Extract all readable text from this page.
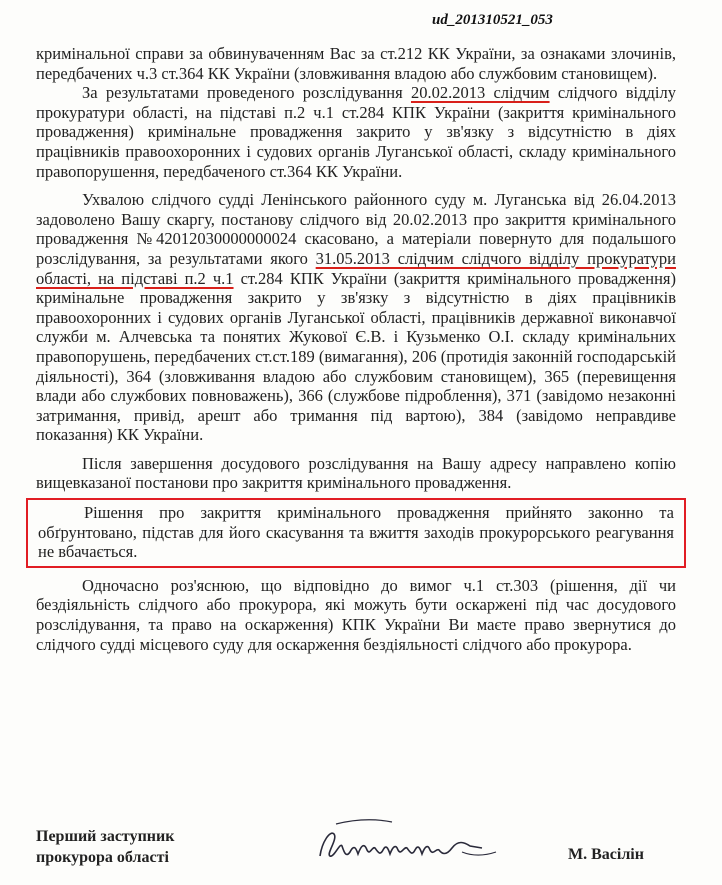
ud_201310521_053

кримінальної справи за обвинуваченням Вас за ст.212 КК України, за ознаками злочинів, передбачених ч.3 ст.364 КК України (зловживання владою або службовим становищем).

За результатами проведеного розслідування 20.02.2013 слідчим слідчого відділу прокуратури області, на підставі п.2 ч.1 ст.284 КПК України (закриття кримінального провадження) кримінальне провадження закрито у зв'язку з відсутністю в діях працівників правоохоронних і судових органів Луганської області, складу кримінального правопорушення, передбаченого ст.364 КК України.

Ухвалою слідчого судді Ленінського районного суду м. Луганська від 26.04.2013 задоволено Вашу скаргу, постанову слідчого від 20.02.2013 про закриття кримінального провадження №42012030000000024 скасовано, а матеріали повернуто для подальшого розслідування, за результатами якого 31.05.2013 слідчим слідчого відділу прокуратури області, на підставі п.2 ч.1 ст.284 КПК України (закриття кримінального провадження) кримінальне провадження закрито у зв'язку з відсутністю в діях працівників правоохоронних і судових органів Луганської області, працівників державної виконавчої служби м. Алчевська та понятих Жукової Є.В. і Кузьменко О.І. складу кримінальних правопорушень, передбачених ст.ст.189 (вимагання), 206 (протидія законній господарській діяльності), 364 (зловживання владою або службовим становищем), 365 (перевищення влади або службових повноважень), 366 (службове підроблення), 371 (завідомо незаконні затримання, привід, арешт або тримання під вартою), 384 (завідомо неправдиве показання) КК України.

Після завершення досудового розслідування на Вашу адресу направлено копію вищевказаної постанови про закриття кримінального провадження.

Рішення про закриття кримінального провадження прийнято законно та обґрунтовано, підстав для його скасування та вжиття заходів прокурорського реагування не вбачається.

Одночасно роз'яснюю, що відповідно до вимог ч.1 ст.303 (рішення, дії чи бездіяльність слідчого або прокурора, які можуть бути оскаржені під час досудового розслідування, та право на оскарження) КПК України Ви маєте право звернутися до слідчого судді місцевого суду для оскарження бездіяльності слідчого або прокурора.

Перший заступник
прокурора області	М. Васілін
